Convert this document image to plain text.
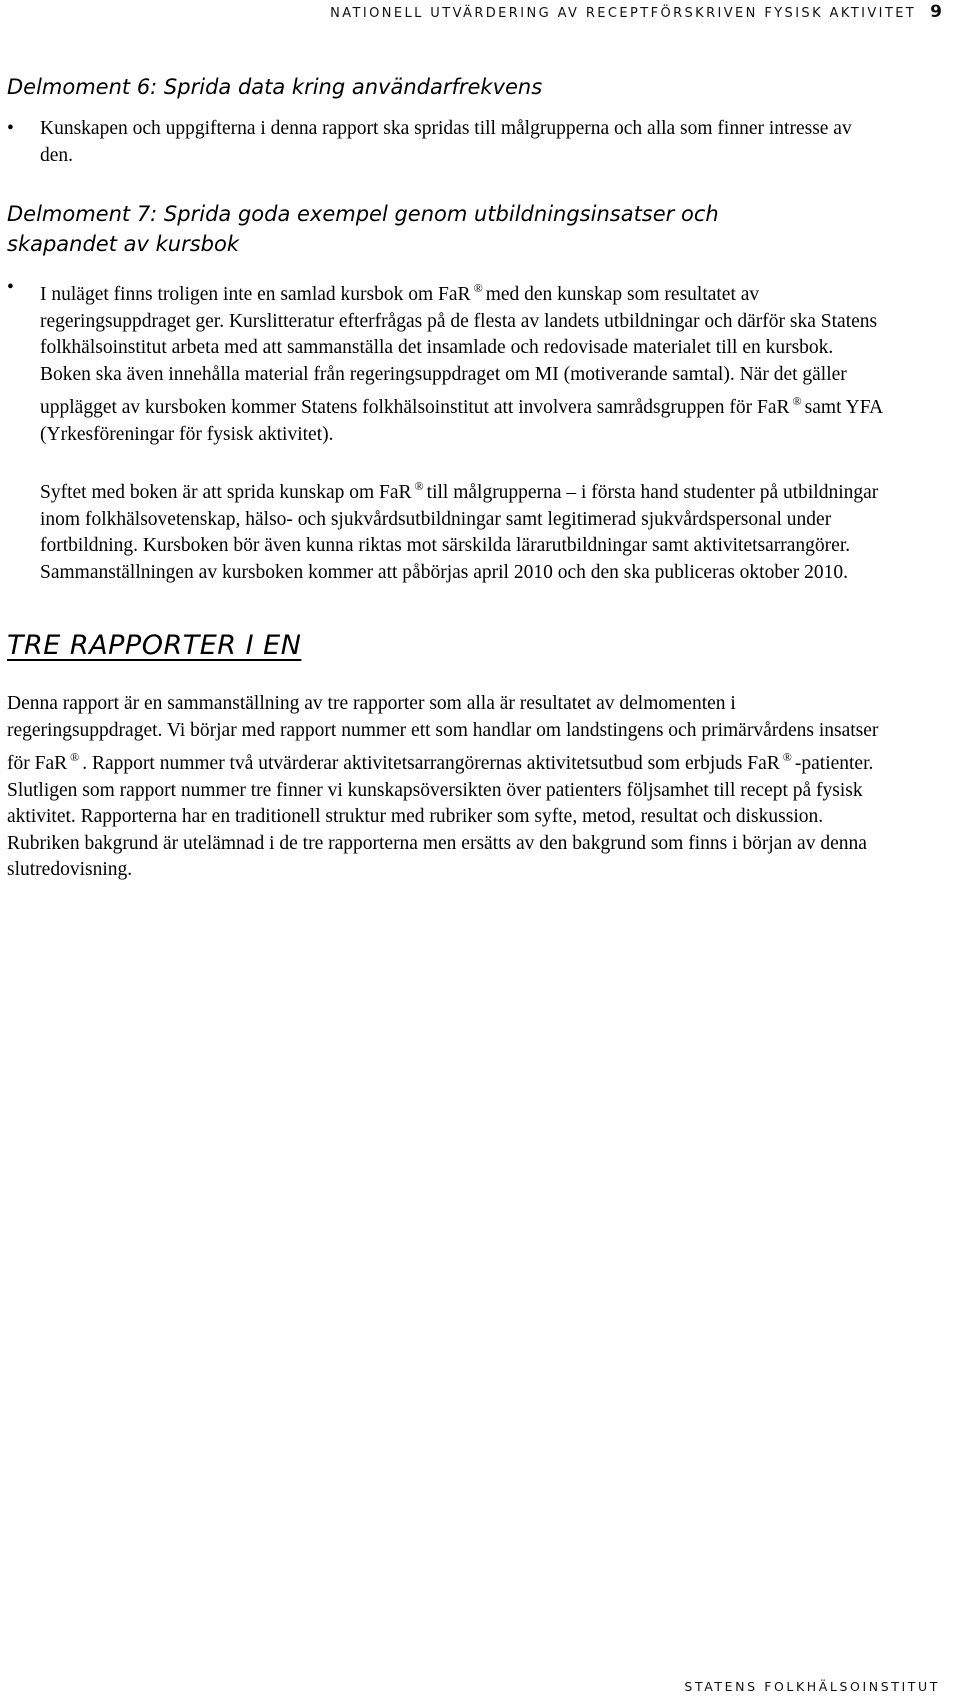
NATIONELL UTVÄRDERING AV RECEPTFÖRSKRIVEN FYSISK AKTIVITET 9
Delmoment 6: Sprida data kring användarfrekvens
• Kunskapen och uppgifterna i denna rapport ska spridas till målgrupperna och alla som finner intresse av den.
Delmoment 7: Sprida goda exempel genom utbildningsinsatser och
skapandet av kursbok
• I nuläget finns troligen inte en samlad kursbok om FaR ® med den kunskap som resultatet av regeringsuppdraget ger. Kurslitteratur efterfrågas på de flesta av landets utbildningar och därför ska Statens folkhälsoinstitut arbeta med att sammanställa det insamlade och redovisade materialet till en kursbok. Boken ska även innehålla material från regeringsuppdraget om MI (motiverande samtal). När det gäller upplägget av kursboken kommer Statens folkhälsoinstitut att involvera samrådsgruppen för FaR ® samt YFA (Yrkesföreningar för fysisk aktivitet).

Syftet med boken är att sprida kunskap om FaR ® till målgrupperna – i första hand studenter på utbildningar inom folkhälsovetenskap, hälso- och sjukvårdsutbildningar samt legitimerad sjukvårdspersonal under fortbildning. Kursboken bör även kunna riktas mot särskilda lärarutbildningar samt aktivitetsarrangörer. Sammanställningen av kursboken kommer att påbörjas april 2010 och den ska publiceras oktober 2010.

TRE RAPPORTER I EN

Denna rapport är en sammanställning av tre rapporter som alla är resultatet av delmomenten i regeringsuppdraget. Vi börjar med rapport nummer ett som handlar om landstingens och primärvårdens insatser för FaR ® . Rapport nummer två utvärderar aktivitetsarrangörernas aktivitetsutbud som erbjuds FaR ® -patienter. Slutligen som rapport nummer tre finner vi kunskapsöversikten över patienters följsamhet till recept på fysisk aktivitet. Rapporterna har en traditionell struktur med rubriker som syfte, metod, resultat och diskussion. Rubriken bakgrund är utelämnad i de tre rapporterna men ersätts av den bakgrund som finns i början av denna slutredovisning.

STATENS FOLKHÄLSOINSTITUT
